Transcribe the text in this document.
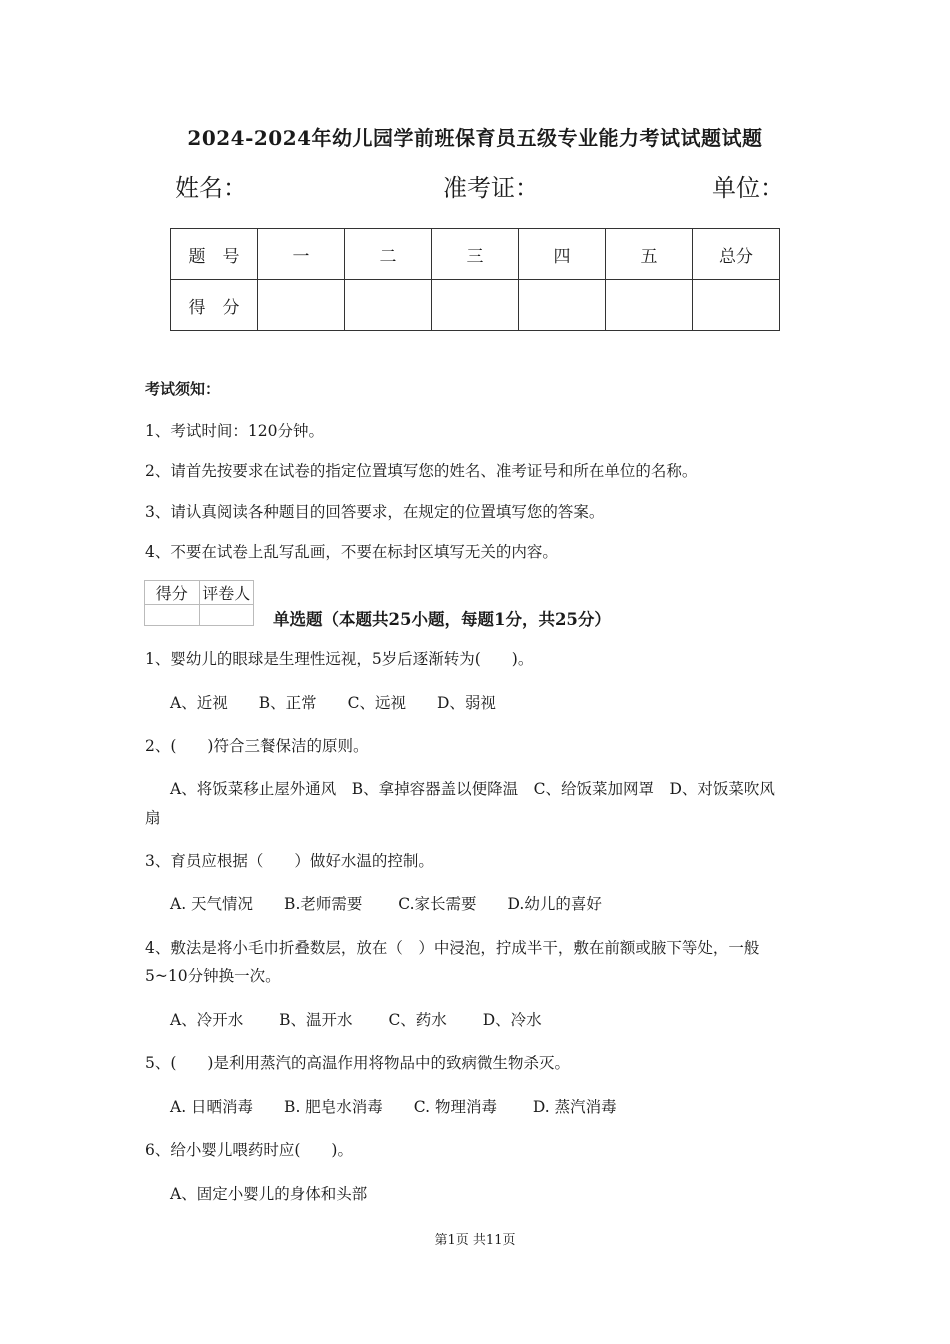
2024-2024年幼儿园学前班保育员五级专业能力考试试题试题
姓名：	准考证：	单位：
题　号	一	二	三	四	五	总分
得　分						
考试须知：
1、考试时间：120分钟。
2、请首先按要求在试卷的指定位置填写您的姓名、准考证号和所在单位的名称。
3、请认真阅读各种题目的回答要求，在规定的位置填写您的答案。
4、不要在试卷上乱写乱画，不要在标封区填写无关的内容。
得分	评卷人

单选题（本题共25小题，每题1分，共25分）
1、婴幼儿的眼球是生理性远视，5岁后逐渐转为(　　)。
A、近视　　B、正常　　C、远视　　D、弱视
2、(　　)符合三餐保洁的原则。
A、将饭菜移止屋外通风　B、拿掉容器盖以便降温　C、给饭菜加网罩　D、对饭菜吹风
扇
3、育员应根据（　　）做好水温的控制。
A. 天气情况　　B.老师需要　　 C.家长需要　　D.幼儿的喜好
4、敷法是将小毛巾折叠数层，放在（　）中浸泡，拧成半干，敷在前额或腋下等处，一般
5~10分钟换一次。
A、冷开水　　 B、温开水　　 C、药水　　 D、冷水
5、(　　)是利用蒸汽的高温作用将物品中的致病微生物杀灭。
A. 日晒消毒　　B. 肥皂水消毒　　C. 物理消毒　　 D. 蒸汽消毒
6、给小婴儿喂药时应(　　)。
A、固定小婴儿的身体和头部
第1页 共11页
